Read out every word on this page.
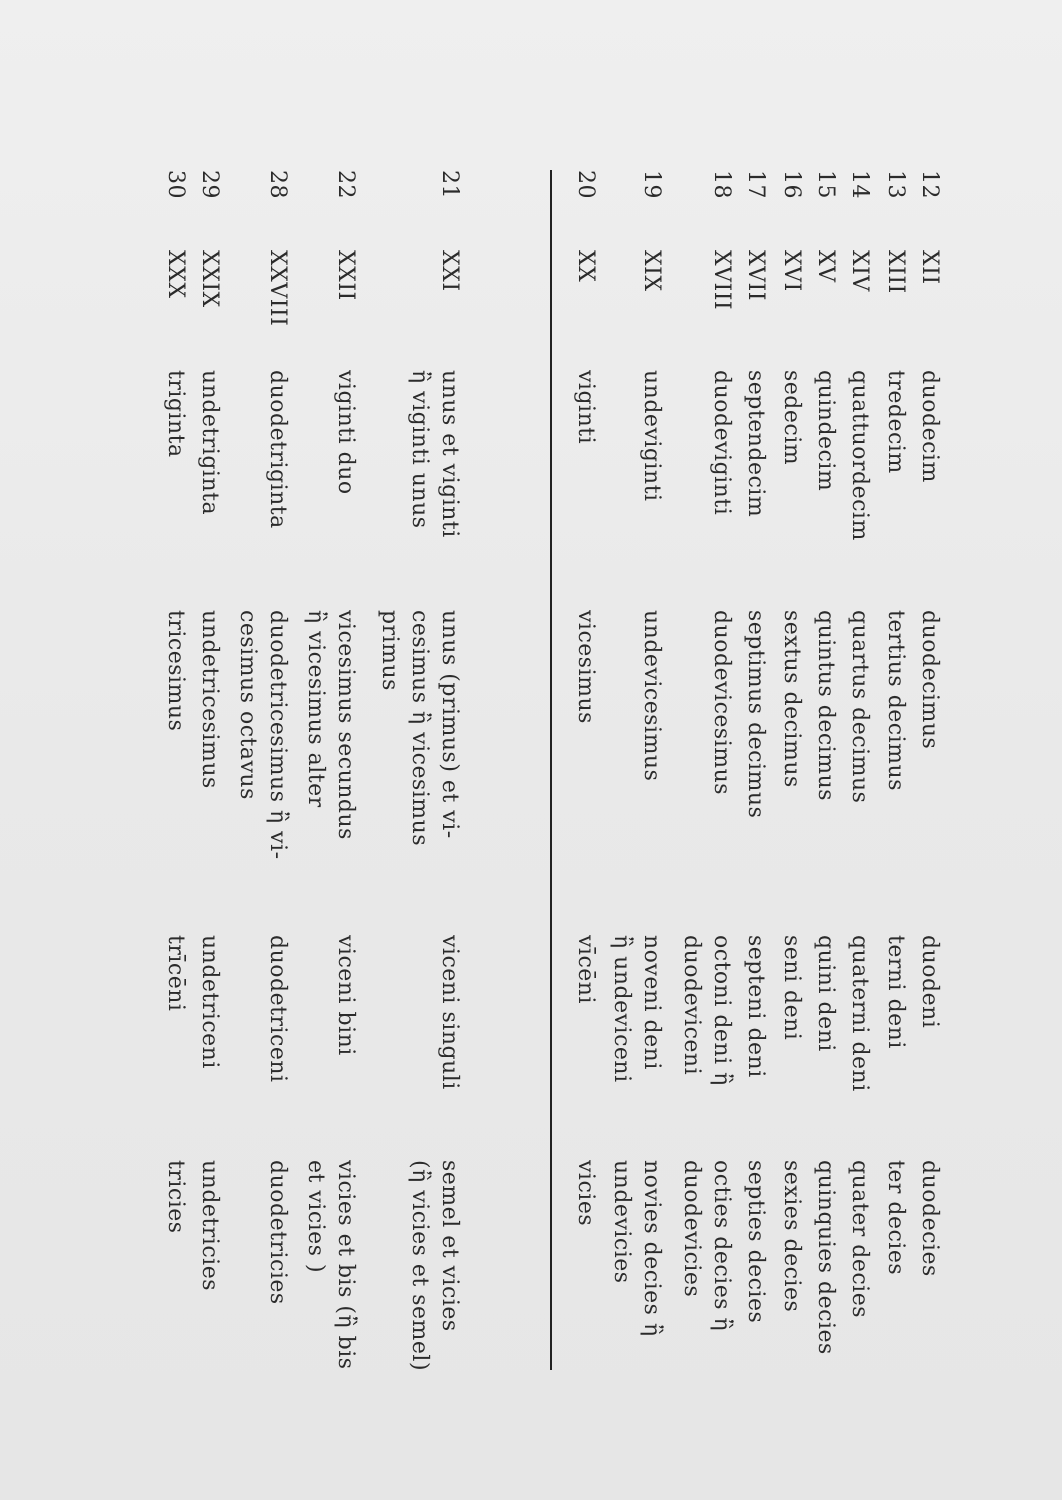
12
XII
duodecim
duodecimus
duodeni
duodecies
13
XIII
tredecim
tertius decimus
terni deni
ter decies
14
XIV
quattuordecim
quartus decimus
quaterni deni
quater decies
15
XV
quindecim
quintus decimus
quini deni
quinquies decies
16
XVI
sedecim
sextus decimus
seni deni
sexies decies
17
XVII
septendecim
septimus decimus
septeni deni
septies decies
18
XVIII
duodeviginti
duodevicesimus
octoni deni ἢ
duodeviceni
octies decies ἢ
duodevicies
19
XIX
undeviginti
undevicesimus
noveni deni
ἢ undeviceni
novies decies ἢ
undevicies
20
XX
viginti
vicesimus
vīcēni
vicies
21
XXI
unus et viginti
ἢ viginti unus
unus (primus) et vi-
cesimus ἢ vicesimus
primus
viceni singuli
semel et vicies
(ἢ vicies et semel)
22
XXII
viginti duo
vicesimus secundus
ἢ vicesimus alter
viceni bini
vicies et bis (ἢ bis
et vicies )
28
XXVIII
duodetriginta
duodetricesimus ἢ vi-
cesimus octavus
duodetriceni
duodetricies
29
XXIX
undetriginta
undetricesimus
undetriceni
undetricies
30
XXX
triginta
tricesimus
trīcēni
tricies
